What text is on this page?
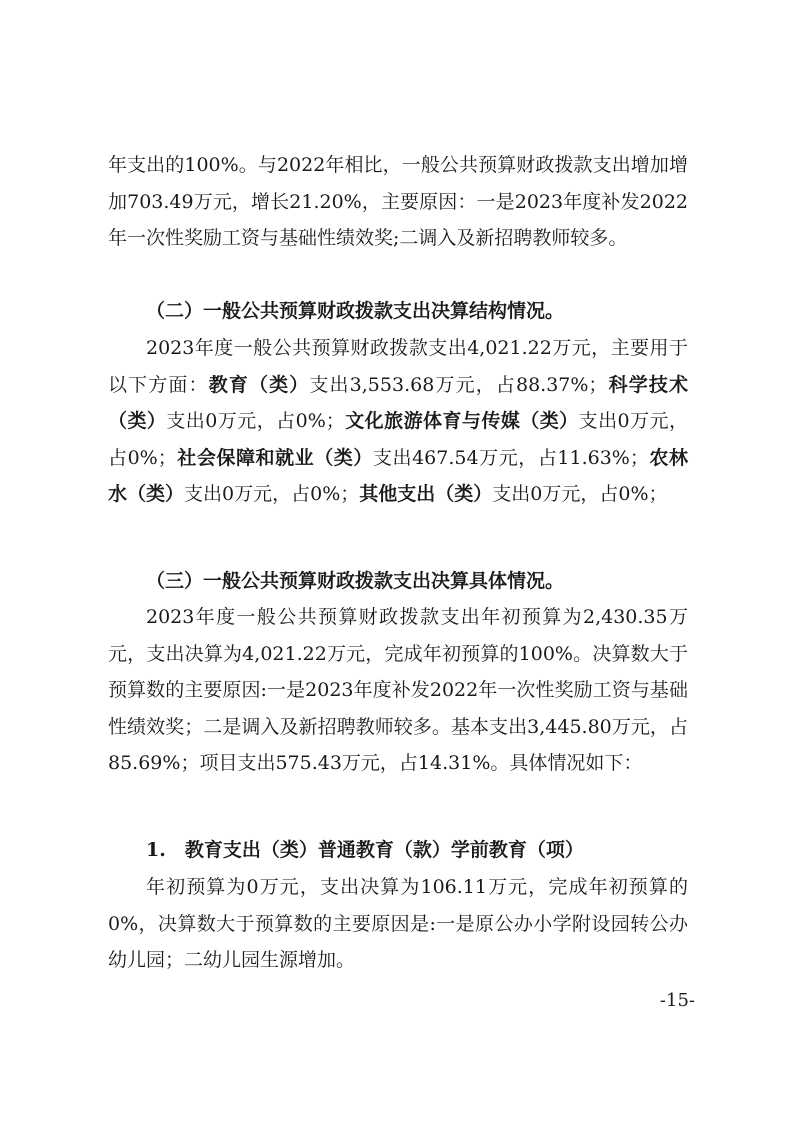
年支出的100%。与2022年相比，一般公共预算财政拨款支出增加增加703.49万元，增长21.20%，主要原因：一是2023年度补发2022年一次性奖励工资与基础性绩效奖;二调入及新招聘教师较多。

（二）一般公共预算财政拨款支出决算结构情况。

2023年度一般公共预算财政拨款支出4,021.22万元，主要用于以下方面：教育（类）支出3,553.68万元，占88.37%；科学技术（类）支出0万元，占0%；文化旅游体育与传媒（类）支出0万元，占0%；社会保障和就业（类）支出467.54万元，占11.63%；农林水（类）支出0万元，占0%；其他支出（类）支出0万元，占0%；

（三）一般公共预算财政拨款支出决算具体情况。

2023年度一般公共预算财政拨款支出年初预算为2,430.35万元，支出决算为4,021.22万元，完成年初预算的100%。决算数大于预算数的主要原因:一是2023年度补发2022年一次性奖励工资与基础性绩效奖；二是调入及新招聘教师较多。基本支出3,445.80万元，占85.69%；项目支出575.43万元，占14.31%。具体情况如下：

1.　教育支出（类）普通教育（款）学前教育（项）

年初预算为0万元，支出决算为106.11万元，完成年初预算的0%，决算数大于预算数的主要原因是:一是原公办小学附设园转公办幼儿园；二幼儿园生源增加。

-15-
